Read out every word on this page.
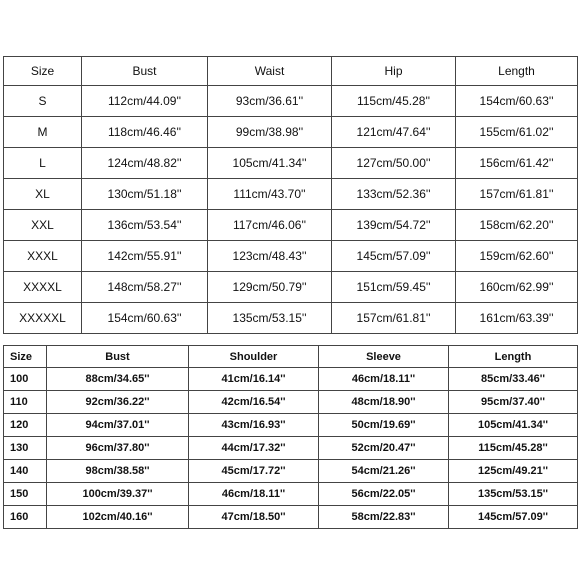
Size	Bust	Waist	Hip	Length
S	112cm/44.09''	93cm/36.61''	115cm/45.28''	154cm/60.63''
M	118cm/46.46''	99cm/38.98''	121cm/47.64''	155cm/61.02''
L	124cm/48.82''	105cm/41.34''	127cm/50.00''	156cm/61.42''
XL	130cm/51.18''	111cm/43.70''	133cm/52.36''	157cm/61.81''
XXL	136cm/53.54''	117cm/46.06''	139cm/54.72''	158cm/62.20''
XXXL	142cm/55.91''	123cm/48.43''	145cm/57.09''	159cm/62.60''
XXXXL	148cm/58.27''	129cm/50.79''	151cm/59.45''	160cm/62.99''
XXXXXL	154cm/60.63''	135cm/53.15''	157cm/61.81''	161cm/63.39''
Size	Bust	Shoulder	Sleeve	Length
100	88cm/34.65''	41cm/16.14''	46cm/18.11''	85cm/33.46''
110	92cm/36.22''	42cm/16.54''	48cm/18.90''	95cm/37.40''
120	94cm/37.01''	43cm/16.93''	50cm/19.69''	105cm/41.34''
130	96cm/37.80''	44cm/17.32''	52cm/20.47''	115cm/45.28''
140	98cm/38.58''	45cm/17.72''	54cm/21.26''	125cm/49.21''
150	100cm/39.37''	46cm/18.11''	56cm/22.05''	135cm/53.15''
160	102cm/40.16''	47cm/18.50''	58cm/22.83''	145cm/57.09''
